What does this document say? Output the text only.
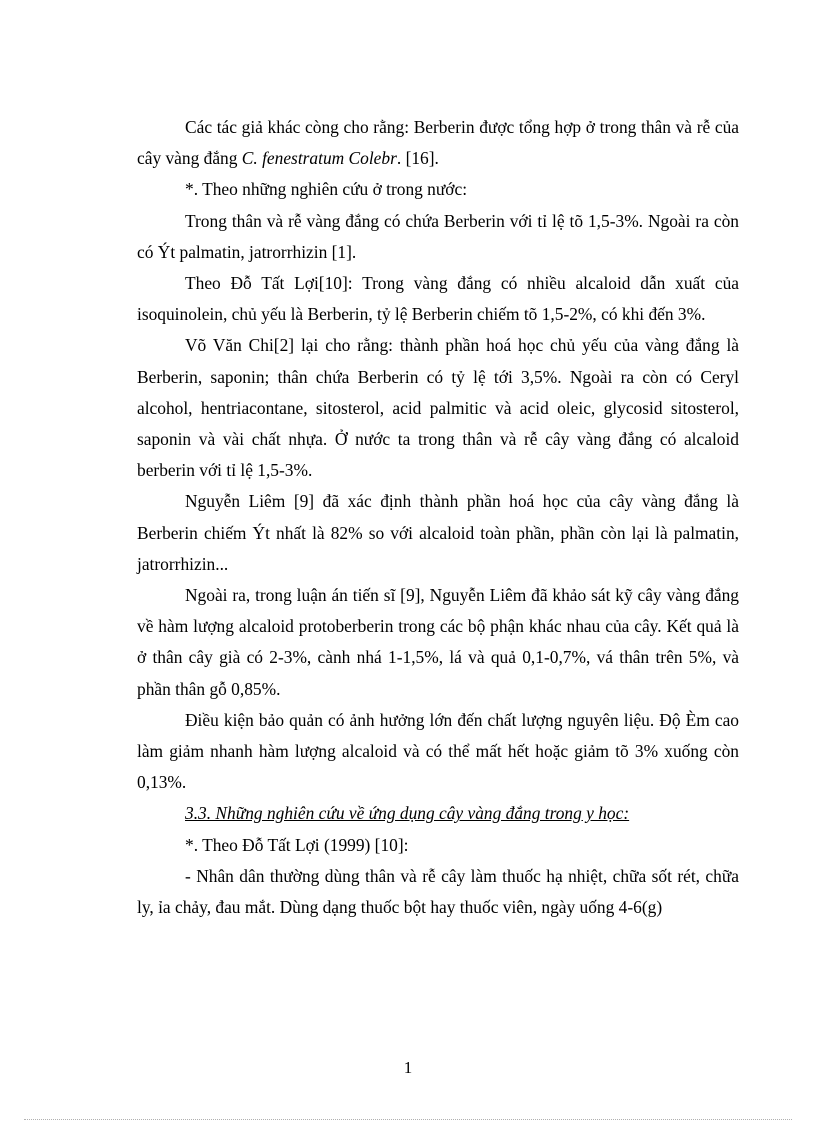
Các tác giả khác còng cho rằng: Berberin được tổng hợp ở trong thân và rễ của cây vàng đắng C. fenestratum Colebr. [16].

*. Theo những nghiên cứu ở trong nước:

Trong thân và rễ vàng đắng có chứa Berberin với tỉ lệ tõ 1,5-3%. Ngoài ra còn có Ýt palmatin, jatrorrhizin [1].

Theo Đỗ Tất Lợi[10]: Trong vàng đắng có nhiều alcaloid dẫn xuất của isoquinolein, chủ yếu là Berberin, tỷ lệ Berberin chiếm tõ 1,5-2%, có khi đến 3%.

Võ Văn Chi[2] lại cho rằng: thành phần hoá học chủ yếu của vàng đắng là Berberin, saponin; thân chứa Berberin có tỷ lệ tới 3,5%. Ngoài ra còn có Ceryl alcohol, hentriacontane, sitosterol, acid palmitic và acid oleic, glycosid sitosterol, saponin và vài chất nhựa. Ở nước ta trong thân và rễ cây vàng đắng có alcaloid berberin với tỉ lệ 1,5-3%.

Nguyễn Liêm [9] đã xác định thành phần hoá học của cây vàng đắng là Berberin chiếm Ýt nhất là 82% so với alcaloid toàn phần, phần còn lại là palmatin, jatrorrhizin...

Ngoài ra, trong luận án tiến sĩ [9], Nguyễn Liêm đã khảo sát kỹ cây vàng đắng về hàm lượng alcaloid protoberberin trong các bộ phận khác nhau của cây. Kết quả là ở thân cây già có 2-3%, cành nhá 1-1,5%, lá và quả 0,1-0,7%, vá thân trên 5%, và phần thân gỗ 0,85%.

Điều kiện bảo quản có ảnh hưởng lớn đến chất lượng nguyên liệu. Độ Èm cao làm giảm nhanh hàm lượng alcaloid và có thể mất hết hoặc giảm tõ 3% xuống còn 0,13%.

3.3. Những nghiên cứu về ứng dụng cây vàng đắng trong y học:

*. Theo Đỗ Tất Lợi (1999) [10]:

- Nhân dân thường dùng thân và rễ cây làm thuốc hạ nhiệt, chữa sốt rét, chữa ly, ỉa chảy, đau mắt. Dùng dạng thuốc bột hay thuốc viên, ngày uống 4-6(g)

1
